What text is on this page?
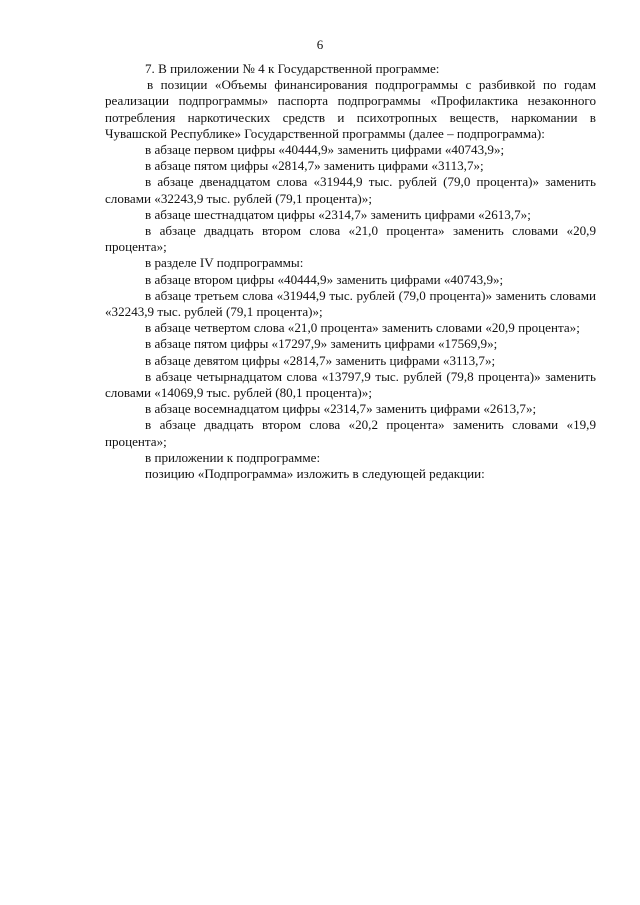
6

7. В приложении № 4 к Государственной программе:

в позиции «Объемы финансирования подпрограммы с разбивкой по годам реализации подпрограммы» паспорта подпрограммы «Профилактика незаконного потребления наркотических средств и психотропных веществ, наркомании в Чувашской Республике» Государственной программы (далее – подпрограмма):

в абзаце первом цифры «40444,9» заменить цифрами «40743,9»;

в абзаце пятом цифры «2814,7» заменить цифрами «3113,7»;

в абзаце двенадцатом слова «31944,9 тыс. рублей (79,0 процента)» заменить словами «32243,9 тыс. рублей (79,1 процента)»;

в абзаце шестнадцатом цифры «2314,7» заменить цифрами «2613,7»;

в абзаце двадцать втором слова «21,0 процента» заменить словами «20,9 процента»;

в разделе IV подпрограммы:

в абзаце втором цифры «40444,9» заменить цифрами «40743,9»;

в абзаце третьем слова «31944,9 тыс. рублей (79,0 процента)» заменить словами «32243,9 тыс. рублей (79,1 процента)»;

в абзаце четвертом слова «21,0 процента» заменить словами «20,9 процента»;

в абзаце пятом цифры «17297,9» заменить цифрами «17569,9»;

в абзаце девятом цифры «2814,7» заменить цифрами «3113,7»;

в абзаце четырнадцатом слова «13797,9 тыс. рублей (79,8 процента)» заменить словами «14069,9 тыс. рублей (80,1 процента)»;

в абзаце восемнадцатом цифры «2314,7» заменить цифрами «2613,7»;

в абзаце двадцать втором слова «20,2 процента» заменить словами «19,9 процента»;

в приложении к подпрограмме:

позицию «Подпрограмма» изложить в следующей редакции:
